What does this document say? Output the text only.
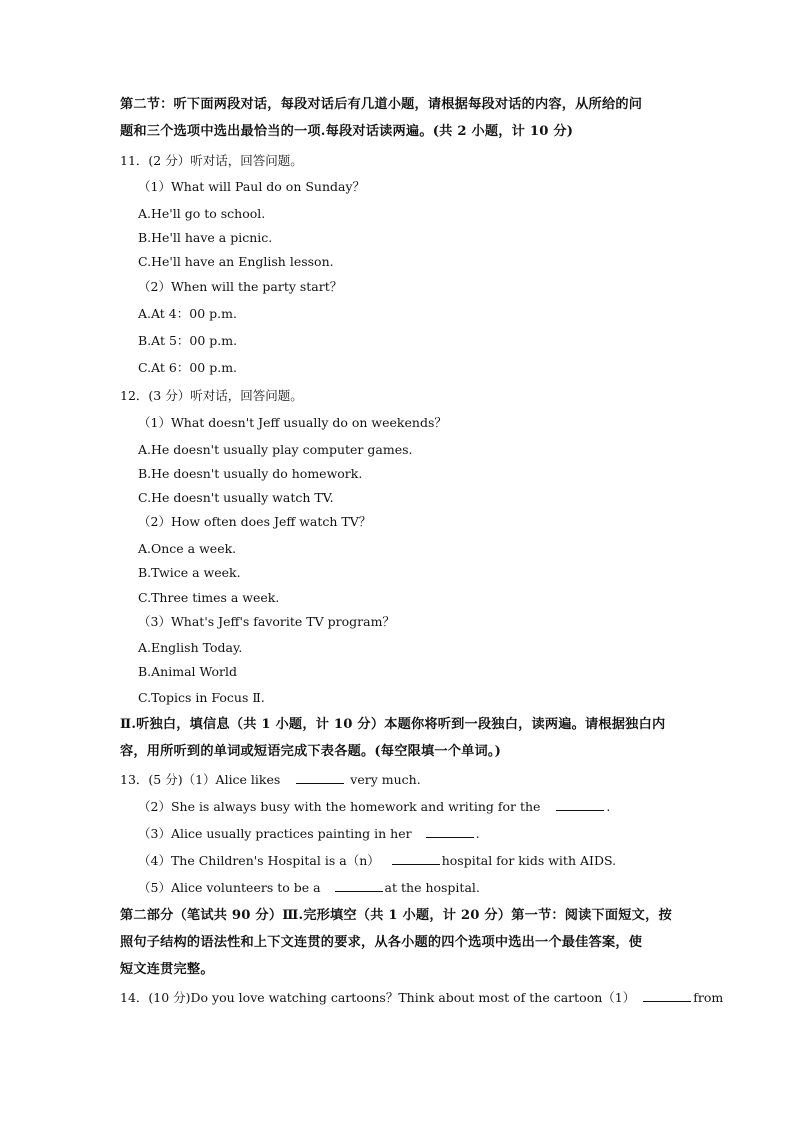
第二节：听下面两段对话，每段对话后有几道小题，请根据每段对话的内容，从所给的问
题和三个选项中选出最恰当的一项.每段对话读两遍。(共 2 小题，计 10 分)
11．(2 分）听对话，回答问题。
（1）What will Paul do on Sunday？
A.He'll go to school.
B.He'll have a picnic.
C.He'll have an English lesson.
（2）When will the party start？
A.At 4：00 p.m.
B.At 5：00 p.m.
C.At 6：00 p.m.
12．(3 分）听对话，回答问题。
（1）What doesn't Jeff usually do on weekends？
A.He doesn't usually play computer games.
B.He doesn't usually do homework.
C.He doesn't usually watch TV.
（2）How often does Jeff watch TV？
A.Once a week.
B.Twice a week.
C.Three times a week.
（3）What's Jeff's favorite TV program？
A.English Today.
B.Animal World
C.Topics in Focus Ⅱ.
Ⅱ.听独白，填信息（共 1 小题，计 10 分）本题你将听到一段独白，读两遍。请根据独白内
容，用所听到的单词或短语完成下表各题。(每空限填一个单词。)
13．(5 分)（1）Alice likes	very much.
（2）She is always busy with the homework and writing for the	.
（3）Alice usually practices painting in her	.
（4）The Children's Hospital is a（n）	hospital for kids with AIDS.
（5）Alice volunteers to be a	at the hospital.
第二部分（笔试共 90 分）Ⅲ.完形填空（共 1 小题，计 20 分）第一节：阅读下面短文，按
照句子结构的语法性和上下文连贯的要求，从各小题的四个选项中选出一个最佳答案，使
短文连贯完整。
14．(10 分)Do you love watching cartoons？Think about most of the cartoon（1）	from
